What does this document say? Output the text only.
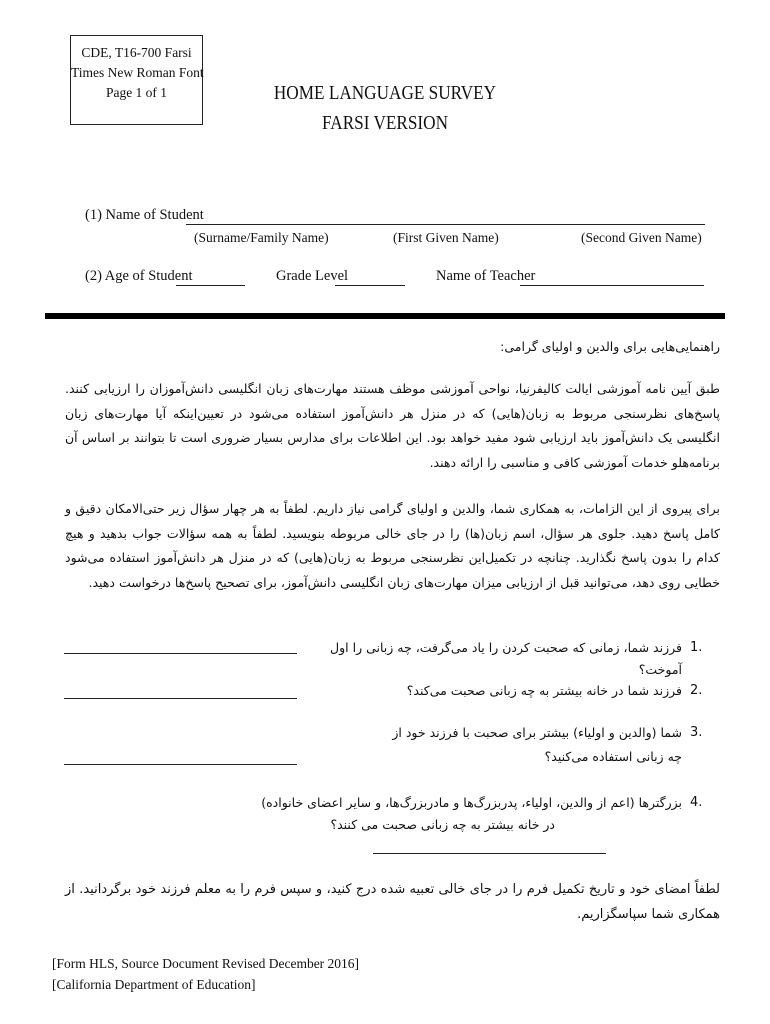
CDE, T16-700 Farsi
Times New Roman Font
Page 1 of 1	HOME LANGUAGE SURVEY
FARSI VERSION
(1) Name of Student
(Surname/Family Name)	(First Given Name)	(Second Given Name)
(2) Age of Student	Grade Level	Name of Teacher
راهنمایی‌هایی برای والدین و اولیای گرامی:
طبق آیین نامه آموزشی ایالت کالیفرنیا، نواحی آموزشی موظف هستند مهارت‌های زبان انگلیسی دانش‌آموزان را ارزیابی کنند. پاسخ‌های نظرسنجی مربوط به زبان(هایی) که در منزل هر دانش‌آموز استفاده می‌شود در تعیین‌اینکه آیا مهارت‌های زبان انگلیسی یک دانش‌آموز باید ارزیابی شود مفید خواهد بود. این اطلاعات برای مدارس بسیار ضروری است تا بتوانند بر اساس آن برنامه‌هلو خدمات آموزشی کافی و مناسبی را ارائه دهند.
برای پیروی از این الزامات، به همکاری شما، والدین و اولیای گرامی نیاز داریم. لطفاً به هر چهار سؤال زیر حتی‌الامکان دقیق و کامل پاسخ دهید. جلوی هر سؤال، اسم زبان(ها) را در جای خالی مربوطه بنویسید. لطفاً به همه سؤالات جواب بدهید و هیچ کدام را بدون پاسخ نگذارید. چنانچه در تکمیل‌این نظرسنجی مربوط به زبان(هایی) که در منزل هر دانش‌آموز استفاده می‌شود خطایی روی دهد، می‌توانید قبل از ارزیابی میزان مهارت‌های زبان انگلیسی دانش‌آموز، برای تصحیح پاسخ‌ها درخواست دهید.
1.
فرزند شما، زمانی که صحبت کردن را یاد می‌گرفت، چه زبانی را اول آموخت؟
2.
فرزند شما در خانه بیشتر به چه زبانی صحبت می‌کند؟
3.
شما (والدین و اولیاء) بیشتر برای صحبت با فرزند خود از
چه زبانی استفاده می‌کنید؟
4.
بزرگترها (اعم از والدین، اولیاء، پدربزرگ‌ها و مادربزرگ‌ها، و سایر اعضای خانواده)
در خانه بیشتر به چه زبانی صحبت می کنند؟
لطفاً امضای خود و تاریخ تکمیل فرم را در جای خالی تعبیه شده درج کنید، و سپس فرم را به معلم فرزند خود برگردانید. از همکاری شما سپاسگزاریم.
[Form HLS, Source Document Revised December 2016]
[California Department of Education]
